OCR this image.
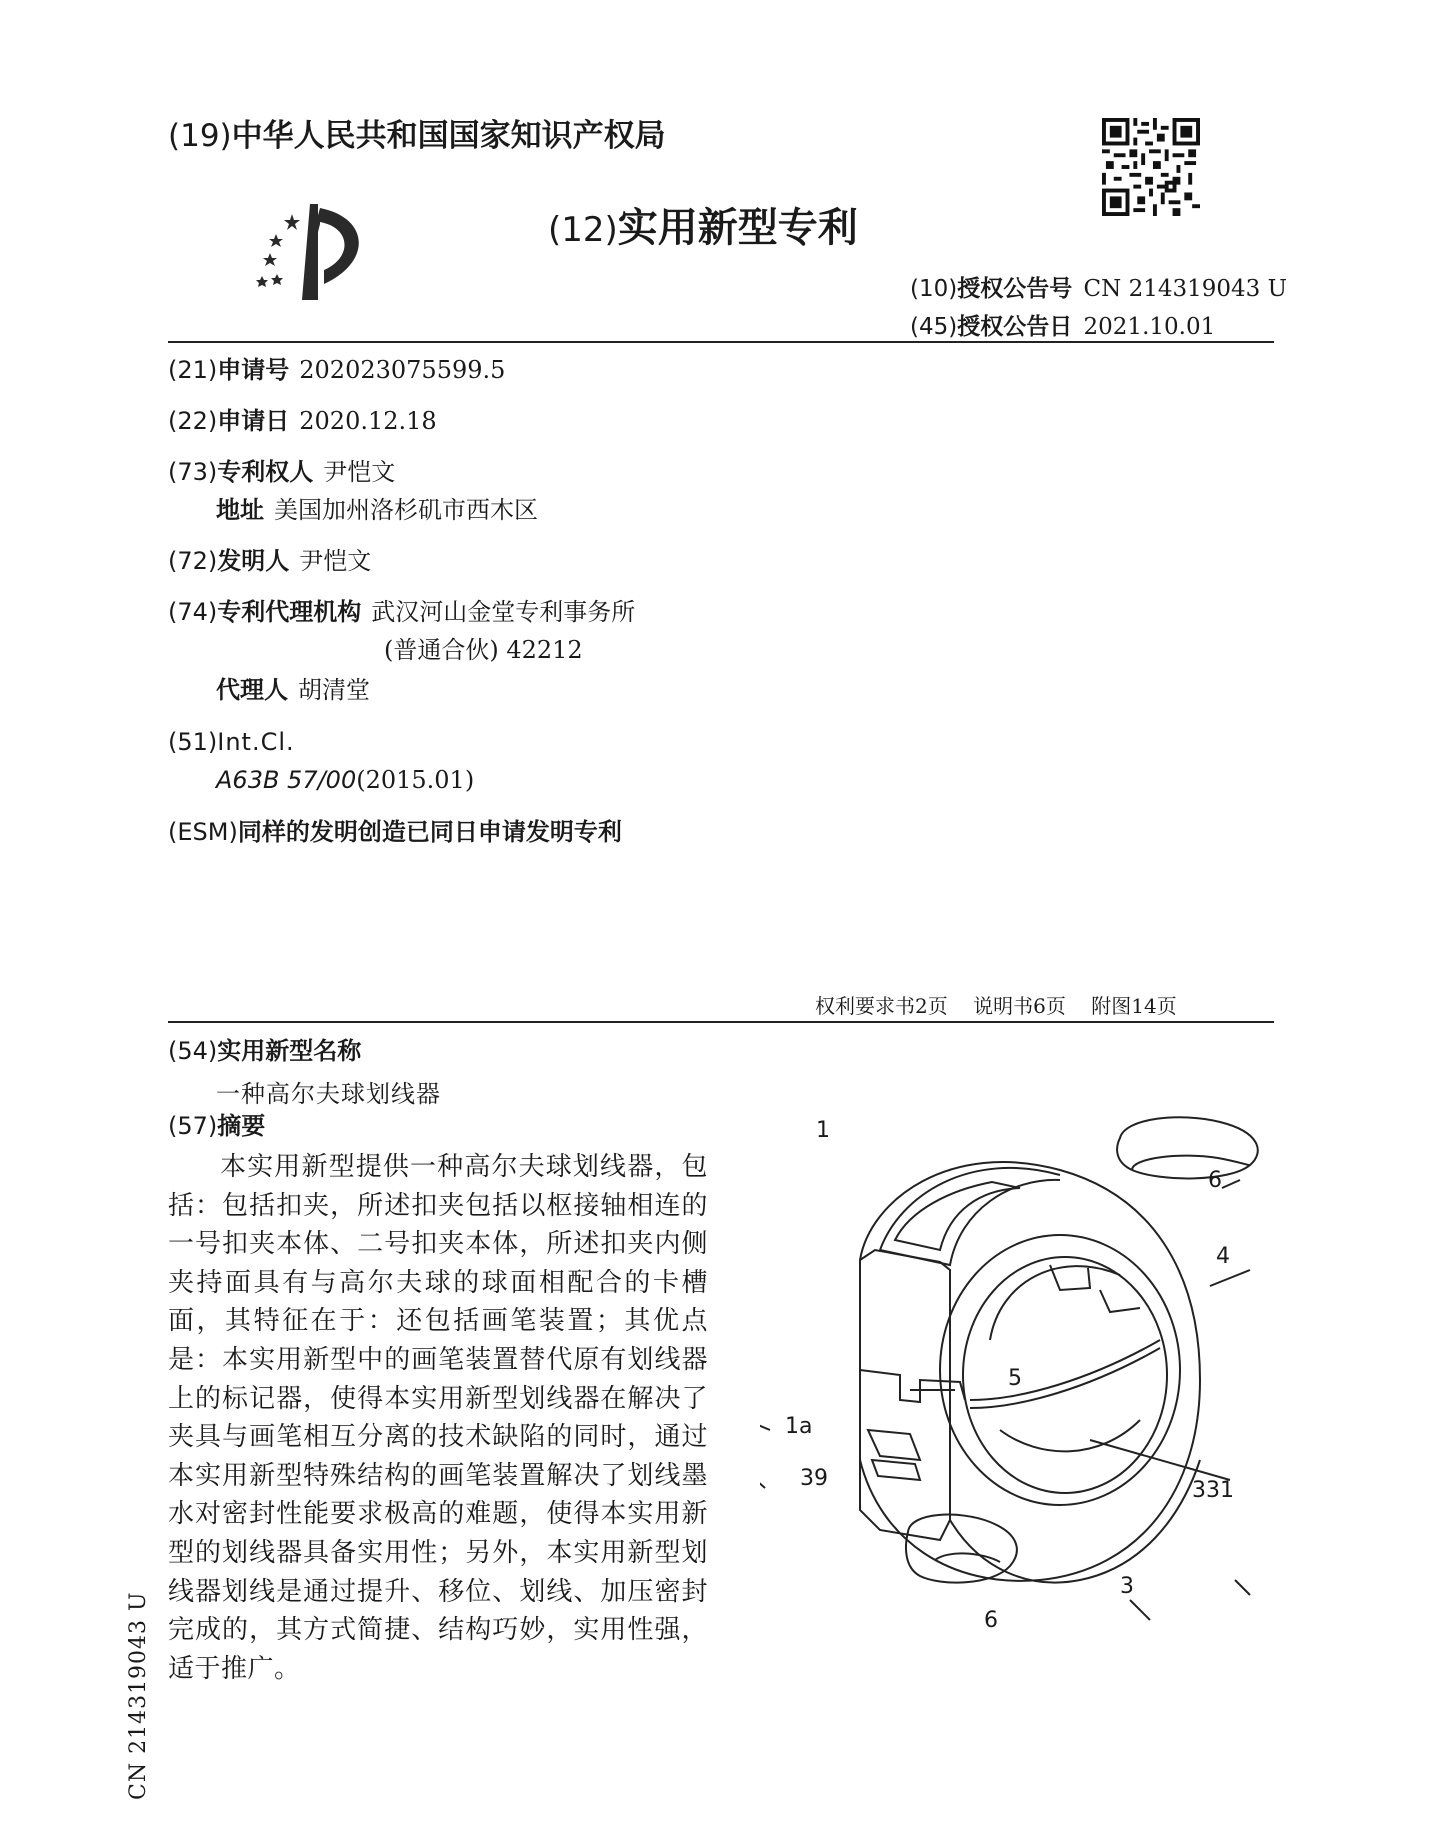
(19)中华人民共和国国家知识产权局
(12)实用新型专利
(10)授权公告号 CN 214319043 U
(45)授权公告日 2021.10.01
(21)申请号 202023075599.5
(22)申请日 2020.12.18
(73)专利权人 尹恺文
地址 美国加州洛杉矶市西木区
(72)发明人 尹恺文
(74)专利代理机构 武汉河山金堂专利事务所
(普通合伙) 42212
代理人 胡清堂
(51)Int.Cl.
A63B 57/00(2015.01)
(ESM)同样的发明创造已同日申请发明专利
权利要求书2页    说明书6页    附图14页
(54)实用新型名称
一种高尔夫球划线器
(57)摘要
本实用新型提供一种高尔夫球划线器，包括：包括扣夹，所述扣夹包括以枢接轴相连的一号扣夹本体、二号扣夹本体，所述扣夹内侧夹持面具有与高尔夫球的球面相配合的卡槽面，其特征在于：还包括画笔装置；其优点是：本实用新型中的画笔装置替代原有划线器上的标记器，使得本实用新型划线器在解决了夹具与画笔相互分离的技术缺陷的同时，通过本实用新型特殊结构的画笔装置解决了划线墨水对密封性能要求极高的难题，使得本实用新型的划线器具备实用性；另外，本实用新型划线器划线是通过提升、移位、划线、加压密封完成的，其方式简捷、结构巧妙，实用性强，适于推广。
1
1a
39
4
5
6
6
331
3
CN 214319043 U
